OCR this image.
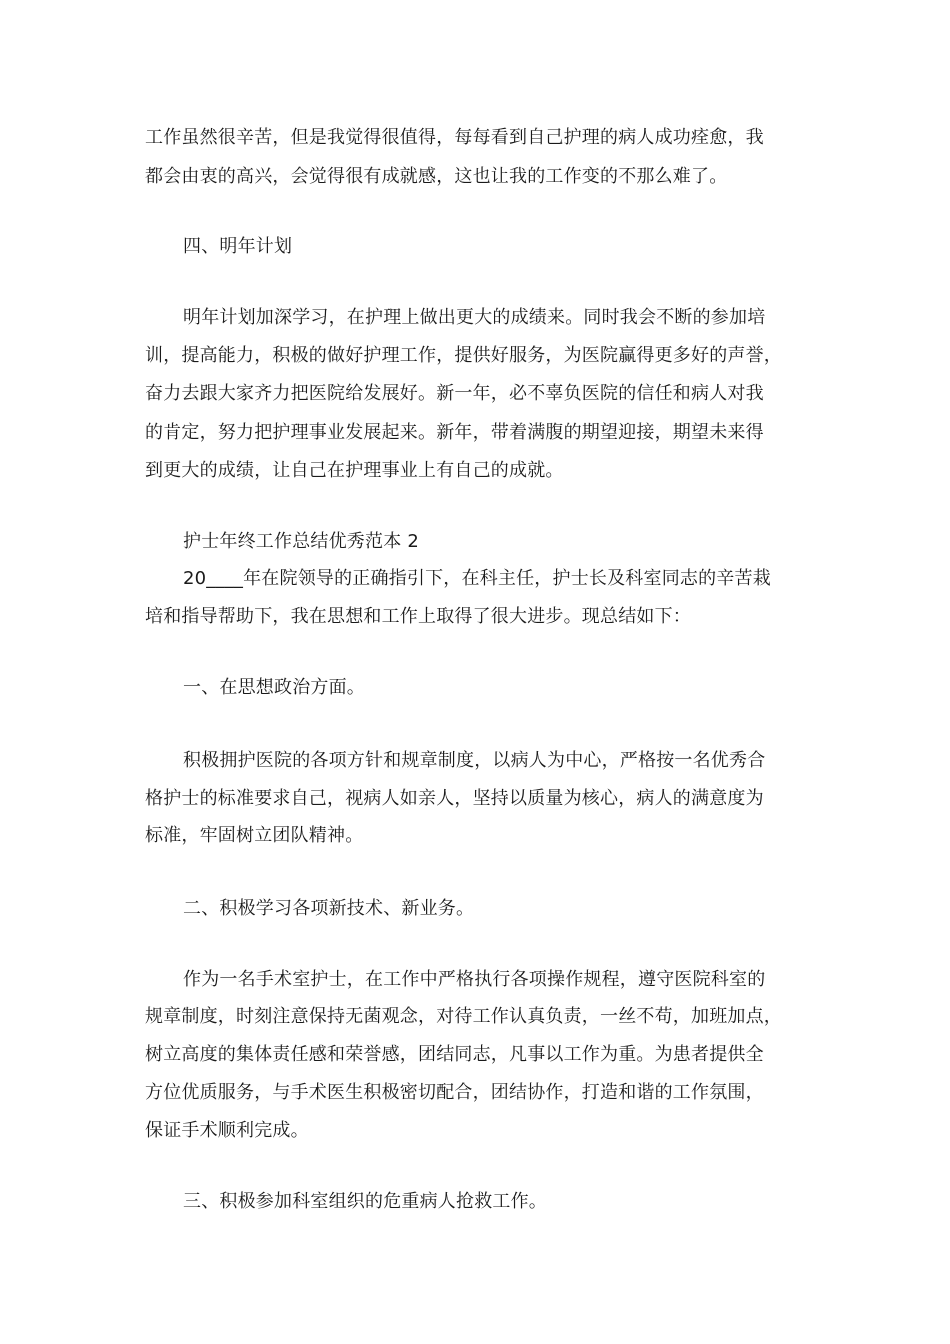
工作虽然很辛苦，但是我觉得很值得，每每看到自己护理的病人成功痊愈，我
都会由衷的高兴，会觉得很有成就感，这也让我的工作变的不那么难了。
四、明年计划
明年计划加深学习，在护理上做出更大的成绩来。同时我会不断的参加培
训，提高能力，积极的做好护理工作，提供好服务，为医院赢得更多好的声誉，
奋力去跟大家齐力把医院给发展好。新一年，必不辜负医院的信任和病人对我
的肯定，努力把护理事业发展起来。新年，带着满腹的期望迎接，期望未来得
到更大的成绩，让自己在护理事业上有自己的成就。
护士年终工作总结优秀范本 2
20____年在院领导的正确指引下，在科主任，护士长及科室同志的辛苦栽
培和指导帮助下，我在思想和工作上取得了很大进步。现总结如下：
一、在思想政治方面。
积极拥护医院的各项方针和规章制度，以病人为中心，严格按一名优秀合
格护士的标准要求自己，视病人如亲人，坚持以质量为核心，病人的满意度为
标准，牢固树立团队精神。
二、积极学习各项新技术、新业务。
作为一名手术室护士，在工作中严格执行各项操作规程，遵守医院科室的
规章制度，时刻注意保持无菌观念，对待工作认真负责，一丝不苟，加班加点，
树立高度的集体责任感和荣誉感，团结同志，凡事以工作为重。为患者提供全
方位优质服务，与手术医生积极密切配合，团结协作，打造和谐的工作氛围，
保证手术顺利完成。
三、积极参加科室组织的危重病人抢救工作。
